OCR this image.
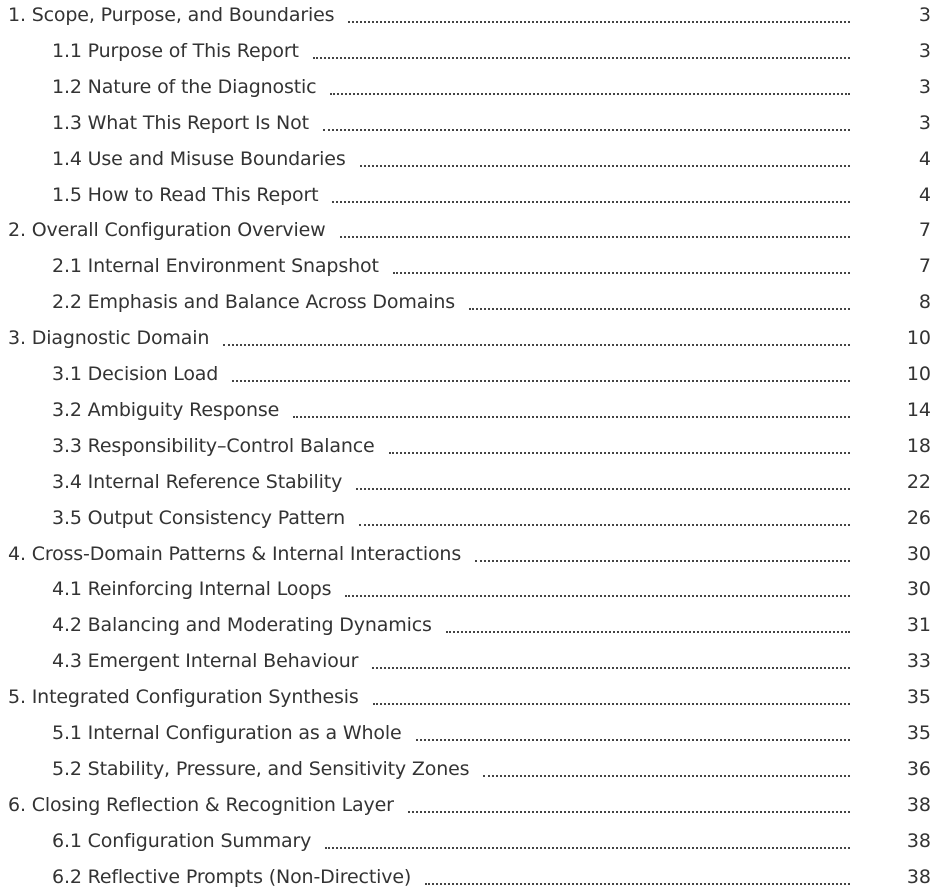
1. Scope, Purpose, and Boundaries	3
1.1 Purpose of This Report	3
1.2 Nature of the Diagnostic	3
1.3 What This Report Is Not	3
1.4 Use and Misuse Boundaries	4
1.5 How to Read This Report	4
2. Overall Configuration Overview	7
2.1 Internal Environment Snapshot	7
2.2 Emphasis and Balance Across Domains	8
3. Diagnostic Domain	10
3.1 Decision Load	10
3.2 Ambiguity Response	14
3.3 Responsibility–Control Balance	18
3.4 Internal Reference Stability	22
3.5 Output Consistency Pattern	26
4. Cross-Domain Patterns & Internal Interactions	30
4.1 Reinforcing Internal Loops	30
4.2 Balancing and Moderating Dynamics	31
4.3 Emergent Internal Behaviour	33
5. Integrated Configuration Synthesis	35
5.1 Internal Configuration as a Whole	35
5.2 Stability, Pressure, and Sensitivity Zones	36
6. Closing Reflection & Recognition Layer	38
6.1 Configuration Summary	38
6.2 Reflective Prompts (Non-Directive)	38
